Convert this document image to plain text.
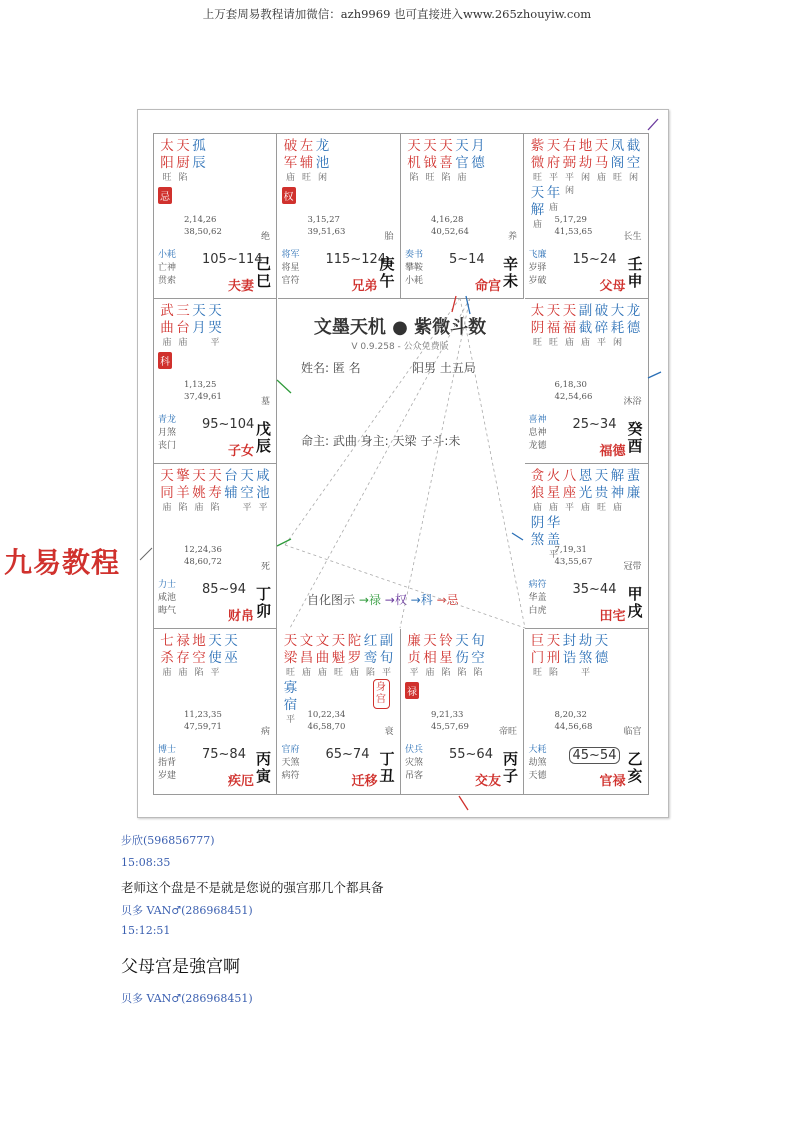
上万套周易教程请加微信：azh9969 也可直接进入www.265zhouyiw.com
太
阳
旺
天
厨
陷
孤
辰
忌
2,14,26
38,50,62	绝
小耗
亡神
贯索
105~114
夫妻
己巳
破
军
庙
左
辅
旺
龙
池
闲
权
3,15,27
39,51,63	胎
将军
将星
官符
115~124
兄弟
庚午
天
机
陷
天
钺
旺
天
喜
陷
天
官
庙
月
德
4,16,28
40,52,64	养
奏书
攀鞍
小耗
5~14
命宫
辛未
紫
微
旺
天
府
平
右
弼
平
地
劫
闲
天
马
庙
凤
阁
旺
截
空
闲
天
解
庙
年
庙
闲
5,17,29
41,53,65	长生
飞廉
岁驿
岁破
15~24
父母
壬申
武
曲
庙
三
台
庙
天
月
天
哭
平
科
1,13,25
37,49,61	墓
青龙
月煞
丧门
95~104
子女
戊辰
太
阴
旺
天
福
旺
天
福
庙
副
截
庙
破
碎
平
大
耗
闲
龙
德
6,18,30
42,54,66	沐浴
喜神
息神
龙德
25~34
福德
癸酉
天
同
庙
擎
羊
陷
天
姚
庙
天
寿
陷
台
辅
天
空
平
咸
池
平
12,24,36
48,60,72	死
力士
咸池
晦气
85~94
财帛
丁卯
贪
狼
庙
火
星
庙
八
座
平
恩
光
庙
天
贵
旺
解
神
庙
蜚
廉
阴
煞
华
盖
平
7,19,31
43,55,67	冠带
病符
华盖
白虎
35~44
田宅
甲戌
七
杀
庙
禄
存
庙
地
空
陷
天
使
平
天
巫
11,23,35
47,59,71	病
博士
指背
岁建
75~84
疾厄
丙寅
天
梁
旺
文
昌
庙
文
曲
庙
天
魁
旺
陀
罗
庙
红
鸾
陷
副
旬
平
寡
宿
平
身宫
10,22,34
46,58,70	衰
官府
天煞
病符
65~74
迁移
丁丑
廉
贞
平
天
相
庙
铃
星
陷
天
伤
陷
旬
空
陷
禄
9,21,33
45,57,69	帝旺
伏兵
灾煞
吊客
55~64
交友
丙子
巨
门
旺
天
刑
陷
封
诰
劫
煞
平
天
德
8,20,32
44,56,68	临官
大耗
劫煞
天德
45~54
官禄
乙亥
文墨天机 ● 紫微斗数
V 0.9.258 - 公众免费版
姓名: 匿 名	阳男 土五局
命主: 武曲 身主: 天梁 子斗:未
自化图示 →禄 →权 →科 →忌
九易教程
步欣(596856777)
15:08:35
老师这个盘是不是就是您说的强宫那几个都具备
贝多 VAN♂(286968451)
15:12:51
父母宫是強宫啊
贝多 VAN♂(286968451)
